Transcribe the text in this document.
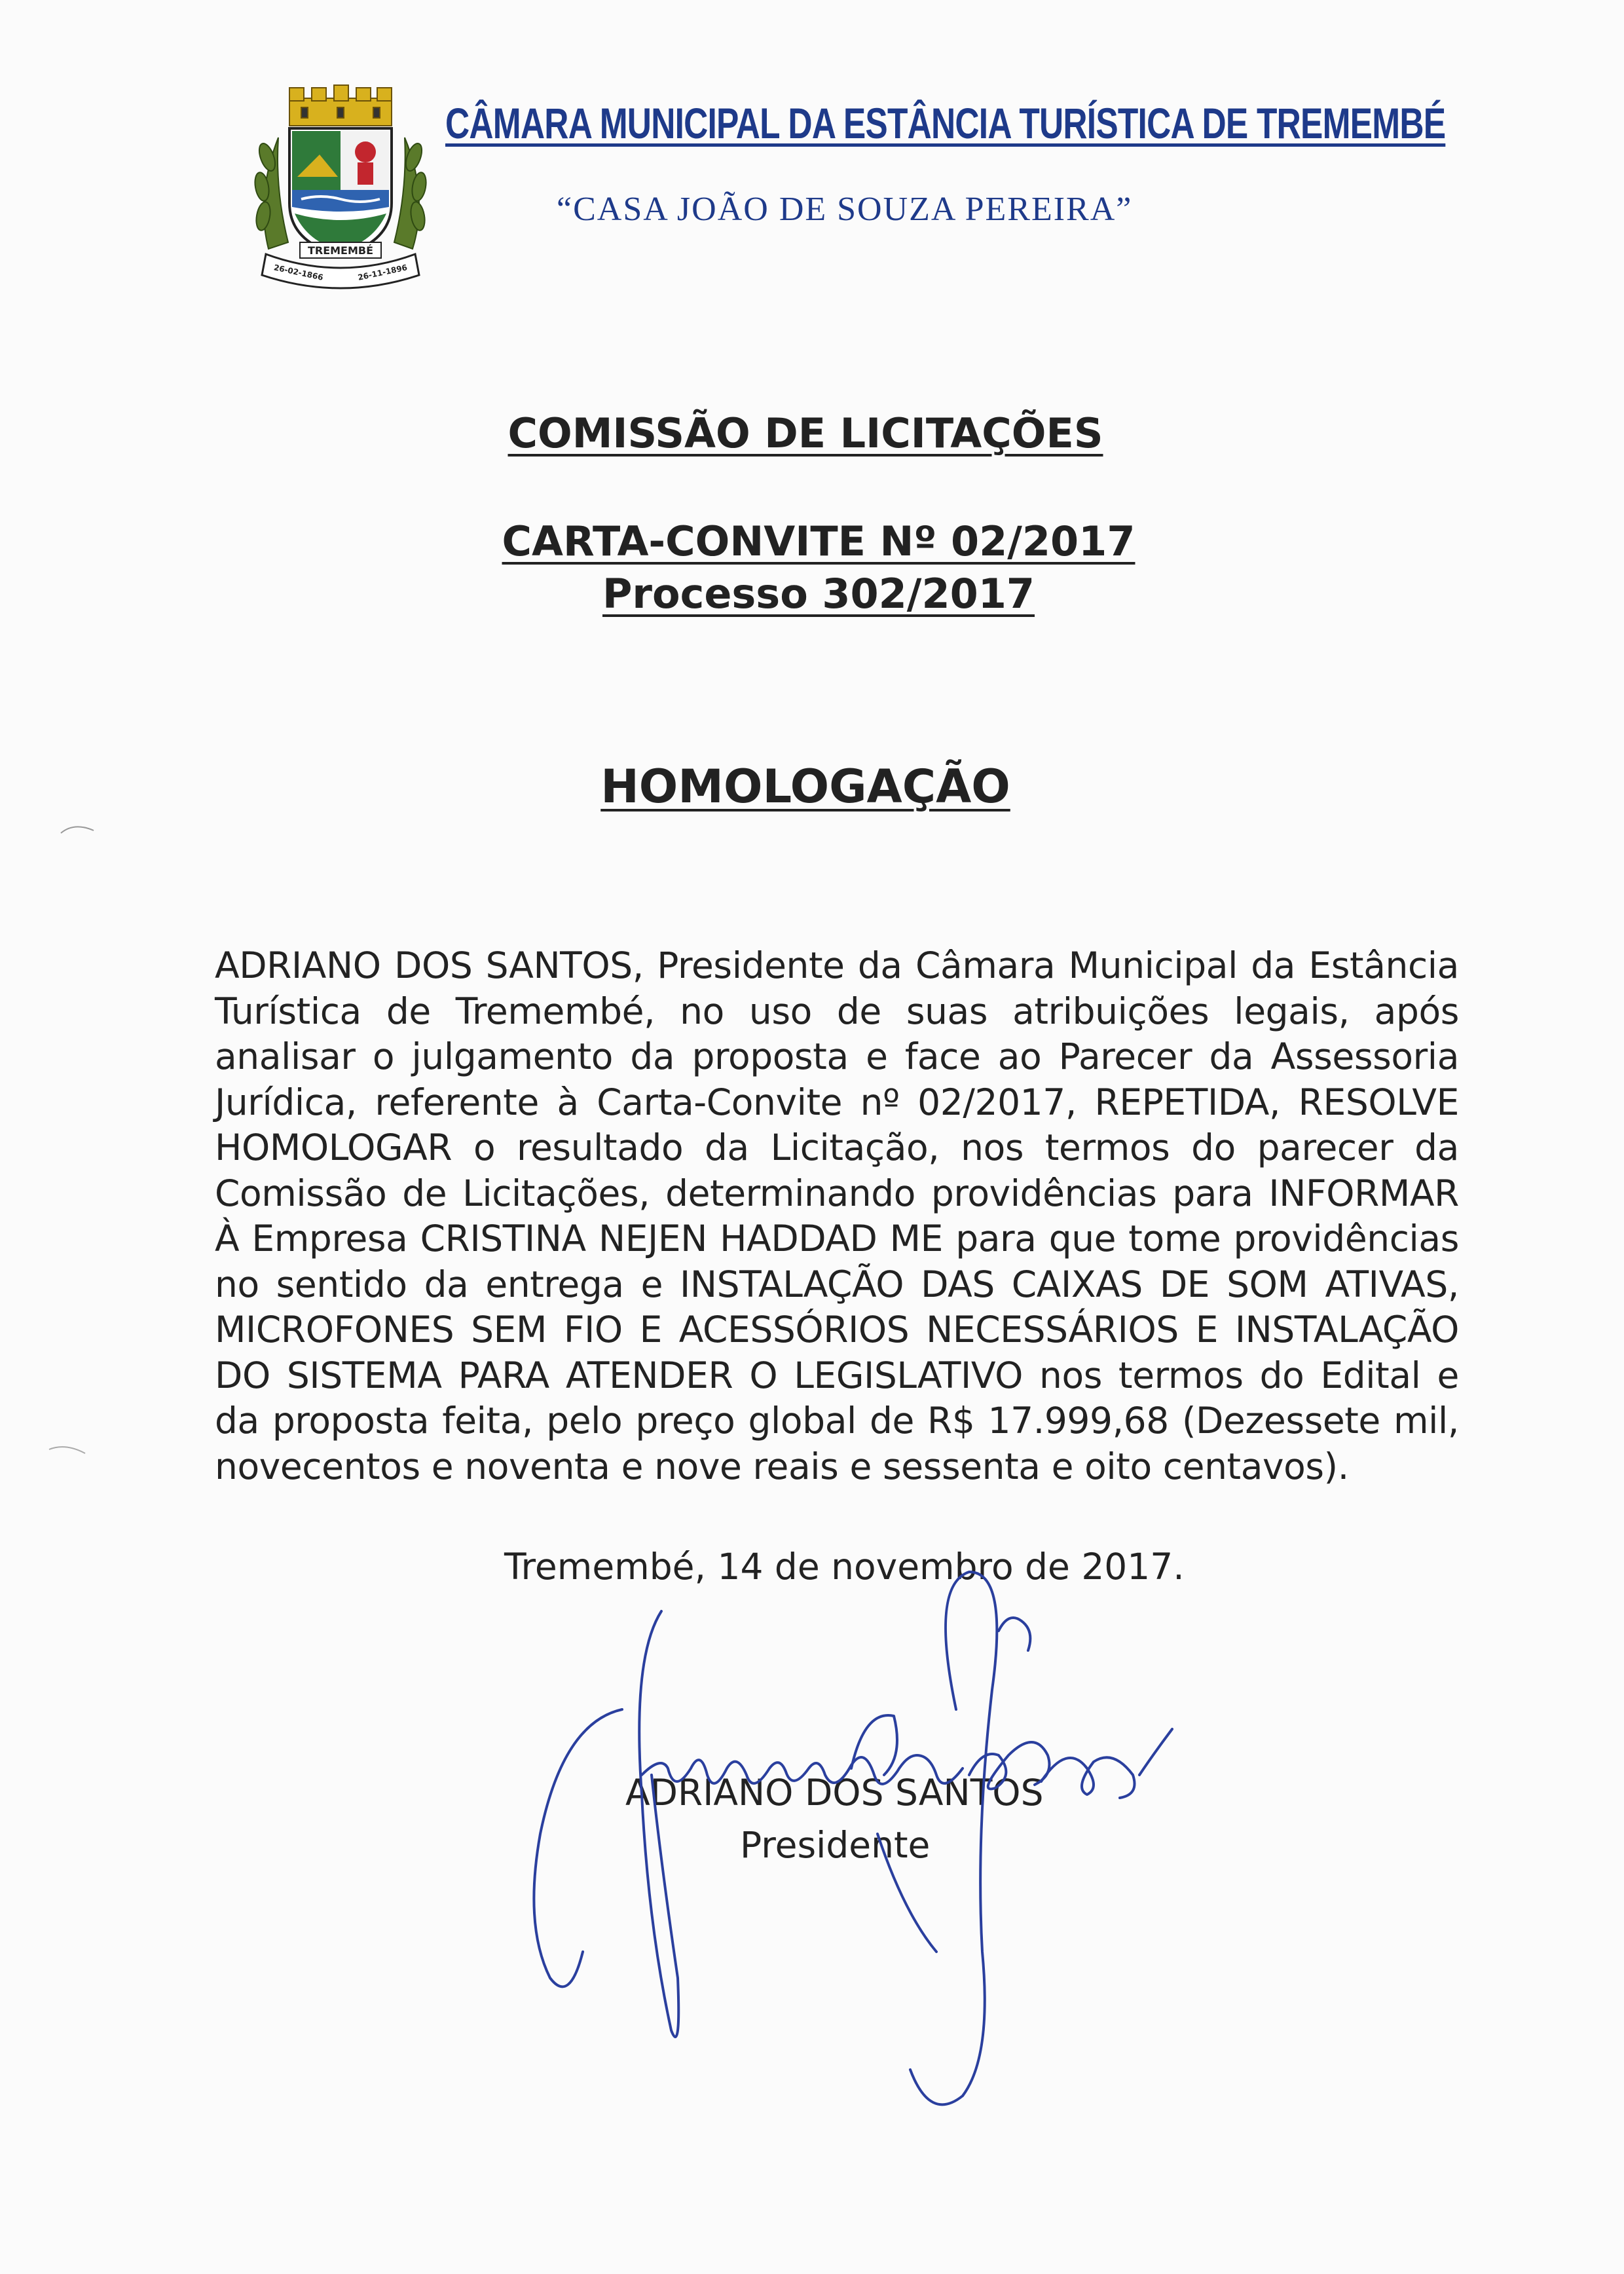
TREMEMBÉ
26-02-1866	26-11-1896
CÂMARA MUNICIPAL DA ESTÂNCIA TURÍSTICA DE TREMEMBÉ
“CASA JOÃO DE SOUZA PEREIRA”
COMISSÃO DE LICITAÇÕES
CARTA-CONVITE Nº 02/2017
Processo 302/2017
HOMOLOGAÇÃO
ADRIANO DOS SANTOS, Presidente da Câmara Municipal da Estância Turística de Tremembé, no uso de suas atribuições legais, após analisar o julgamento da proposta e face ao Parecer da Assessoria Jurídica, referente à Carta-Convite nº 02/2017, REPETIDA, RESOLVE HOMOLOGAR o resultado da Licitação, nos termos do parecer da Comissão de Licitações, determinando providências para INFORMAR À Empresa CRISTINA NEJEN HADDAD ME para que tome providências no sentido da entrega e INSTALAÇÃO DAS CAIXAS DE SOM ATIVAS, MICROFONES SEM FIO E ACESSÓRIOS NECESSÁRIOS E INSTALAÇÃO DO SISTEMA PARA ATENDER O LEGISLATIVO nos termos do Edital e da proposta feita, pelo preço global de R$ 17.999,68 (Dezessete mil, novecentos e noventa e nove reais e sessenta e oito centavos).
Tremembé, 14 de novembro de 2017.
ADRIANO DOS SANTOS
Presidente
